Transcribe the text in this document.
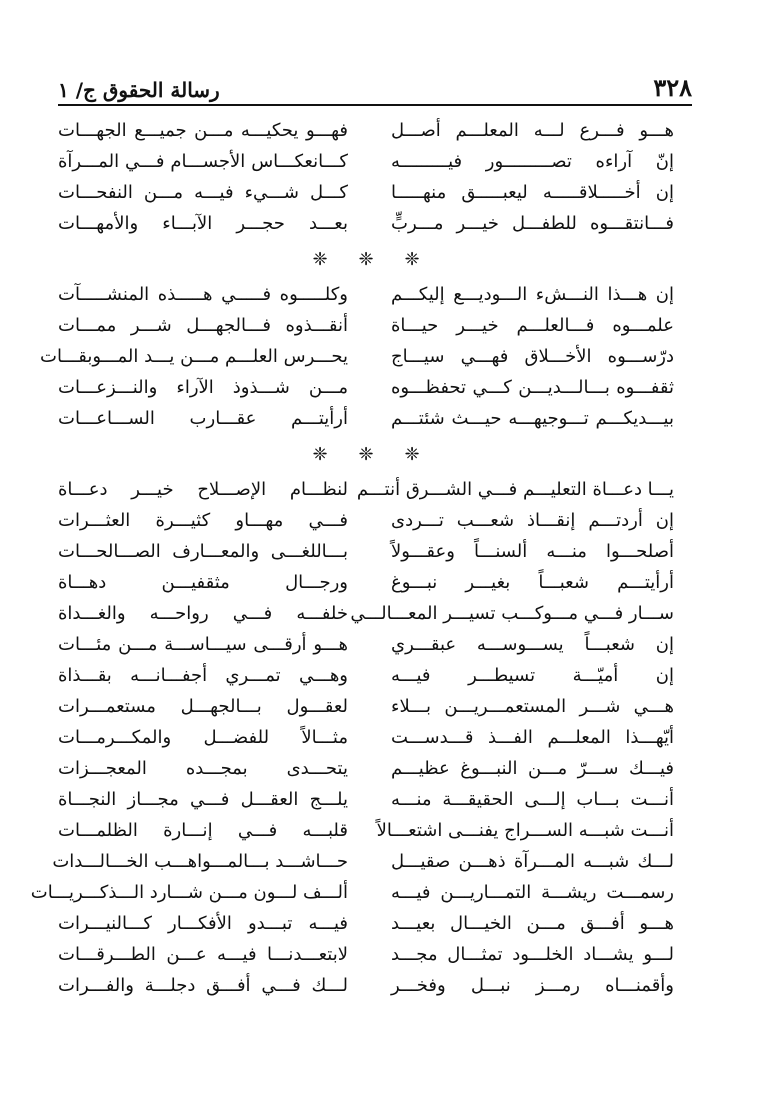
رسالة الحقوق ج/ ١	٣٢٨
فهـــو يحكيـــه مـــن جميـــع الجهـــات هـــو فـــرع لـــه المعلـــم أصـــل
كـــانعكـــاس الأجســـام فـــي المـــرآة إنّ آراءه تصـــــــــور فيـــــــــه
كـــل شـــيء فيـــه مـــن النفحـــات إن أخـــــلاقـــــه ليعبـــــق منهـــــا
بعـــد حجـــر الآبـــاء والأمهـــات فـــانتقـــوه للطفـــل خيـــر مـــربٍّ
❈ ❈ ❈
وكلـــــوه فـــــي هـــــذه المنشـــــآت إن هـــذا النـــشء الـــوديـــع إليكـــم
أنقـــذوه فـــالجهـــل شـــر ممـــات علمـــوه فـــالعلـــم خيـــر حيـــاة
يحـــرس العلـــم مـــن يـــد المـــوبقـــات درّســـوه الأخـــلاق فهـــي سيـــاج
مـــن شـــذوذ الآراء والنـــزعـــات ثقفـــوه بـــالـــديـــن كـــي تحفظـــوه
أرأيتـــم عقـــارب الســـاعـــات بيـــديكـــم تـــوجيهـــه حيـــث شئتـــم
❈ ❈ ❈
لنظـــام الإصـــلاح خيـــر دعـــاة يـــا دعـــاة التعليـــم فـــي الشـــرق أنتـــم
فـــي مهـــاو كثيـــرة العثـــرات إن أردتـــم إنقـــاذ شعـــب تـــردى
بـــاللغـــى والمعـــارف الصـــالحـــات أصلحـــوا منـــه ألسنـــاً وعقـــولاً
ورجـــال مثقفيـــن دهـــاة أرأيتـــم شعبـــاً بغيـــر نبـــوغ
خلفـــه فـــي رواحـــه والغـــداة ســـار فـــي مـــوكـــب تسيـــر المعـــالـــي
هـــو أرقـــى سيـــاســـة مـــن مئـــات إن شعبـــاً يســـوســـه عبقـــري
وهـــي تمـــري أجفـــانـــه بقـــذاة إن أميّـــة تسيطـــر فيـــه
لعقـــول بـــالجهـــل مستعمـــرات هـــي شـــر المستعمـــريـــن بـــلاء
مثـــالاً للفضـــل والمكـــرمـــات أيّهـــذا المعلـــم الفـــذ قـــدســـت
يتحـــدى بمجـــده المعجـــزات فيـــك ســـرّ مـــن النبـــوغ عظيـــم
يلـــج العقـــل فـــي مجـــاز النجـــاة أنـــت بـــاب إلـــى الحقيقـــة منـــه
قلبـــه فـــي إنـــارة الظلمـــات أنـــت شبـــه الســـراج يفنـــى اشتعـــالاً
حـــاشـــد بـــالمـــواهـــب الخـــالـــدات لـــك شبـــه المـــرآة ذهـــن صقيـــل
ألـــف لـــون مـــن شـــارد الـــذكـــريـــات رسمـــت ريشـــة التمـــاريـــن فيـــه
فيـــه تبـــدو الأفكـــار كـــالنيـــرات هـــو أفـــق مـــن الخيـــال بعيـــد
لابتعـــدنـــا فيـــه عـــن الطـــرقـــات لـــو يشـــاد الخلـــود تمثـــال مجـــد
لـــك فـــي أفـــق دجلـــة والفـــرات وأقمنـــاه رمـــز نبـــل وفخـــر
